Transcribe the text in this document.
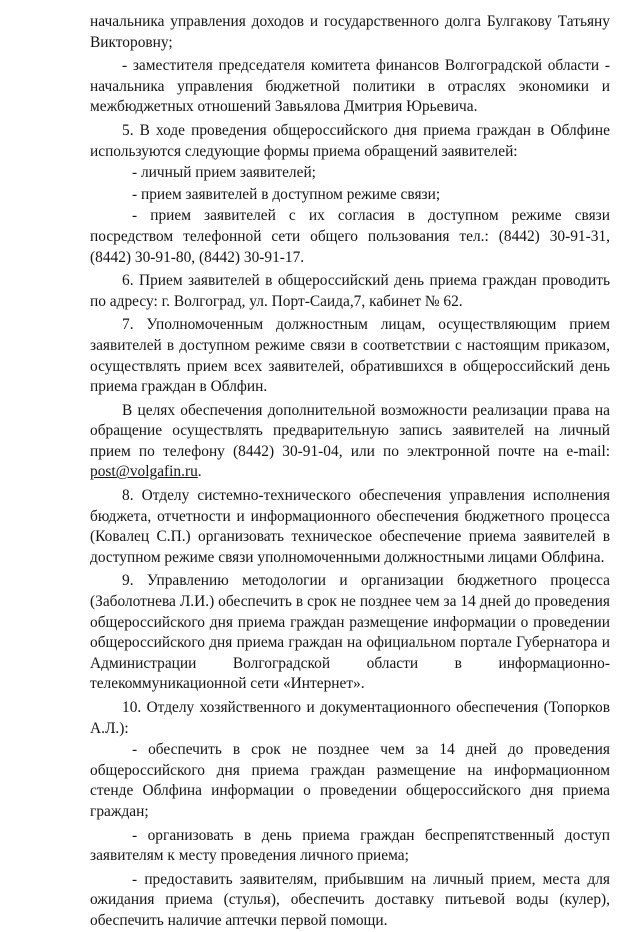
начальника управления доходов и государственного долга Булгакову Татьяну Викторовну;

- заместителя председателя комитета финансов Волгоградской области - начальника управления бюджетной политики в отраслях экономики и межбюджетных отношений Завьялова Дмитрия Юрьевича.

5. В ходе проведения общероссийского дня приема граждан в Облфине используются следующие формы приема обращений заявителей:

- личный прием заявителей;

- прием заявителей в доступном режиме связи;

- прием заявителей с их согласия в доступном режиме связи посредством телефонной сети общего пользования тел.: (8442) 30-91-31, (8442) 30-91-80, (8442) 30-91-17.

6. Прием заявителей в общероссийский день приема граждан проводить по адресу: г. Волгоград, ул. Порт-Саида,7, кабинет № 62.

7. Уполномоченным должностным лицам, осуществляющим прием заявителей в доступном режиме связи в соответствии с настоящим приказом, осуществлять прием всех заявителей, обратившихся в общероссийский день приема граждан в Облфин.

В целях обеспечения дополнительной возможности реализации права на обращение осуществлять предварительную запись заявителей на личный прием по телефону (8442) 30-91-04, или по электронной почте на e-mail: post@volgafin.ru.

8. Отделу системно-технического обеспечения управления исполнения бюджета, отчетности и информационного обеспечения бюджетного процесса (Ковалец С.П.) организовать техническое обеспечение приема заявителей в доступном режиме связи уполномоченными должностными лицами Облфина.

9. Управлению методологии и организации бюджетного процесса (Заболотнева Л.И.) обеспечить в срок не позднее чем за 14 дней до проведения общероссийского дня приема граждан размещение информации о проведении общероссийского дня приема граждан на официальном портале Губернатора и Администрации Волгоградской области в информационно-телекоммуникационной сети «Интернет».

10. Отделу хозяйственного и документационного обеспечения (Топорков А.Л.):

- обеспечить в срок не позднее чем за 14 дней до проведения общероссийского дня приема граждан размещение на информационном стенде Облфина информации о проведении общероссийского дня приема граждан;

- организовать в день приема граждан беспрепятственный доступ заявителям к месту проведения личного приема;

- предоставить заявителям, прибывшим на личный прием, места для ожидания приема (стулья), обеспечить доставку питьевой воды (кулер), обеспечить наличие аптечки первой помощи.
